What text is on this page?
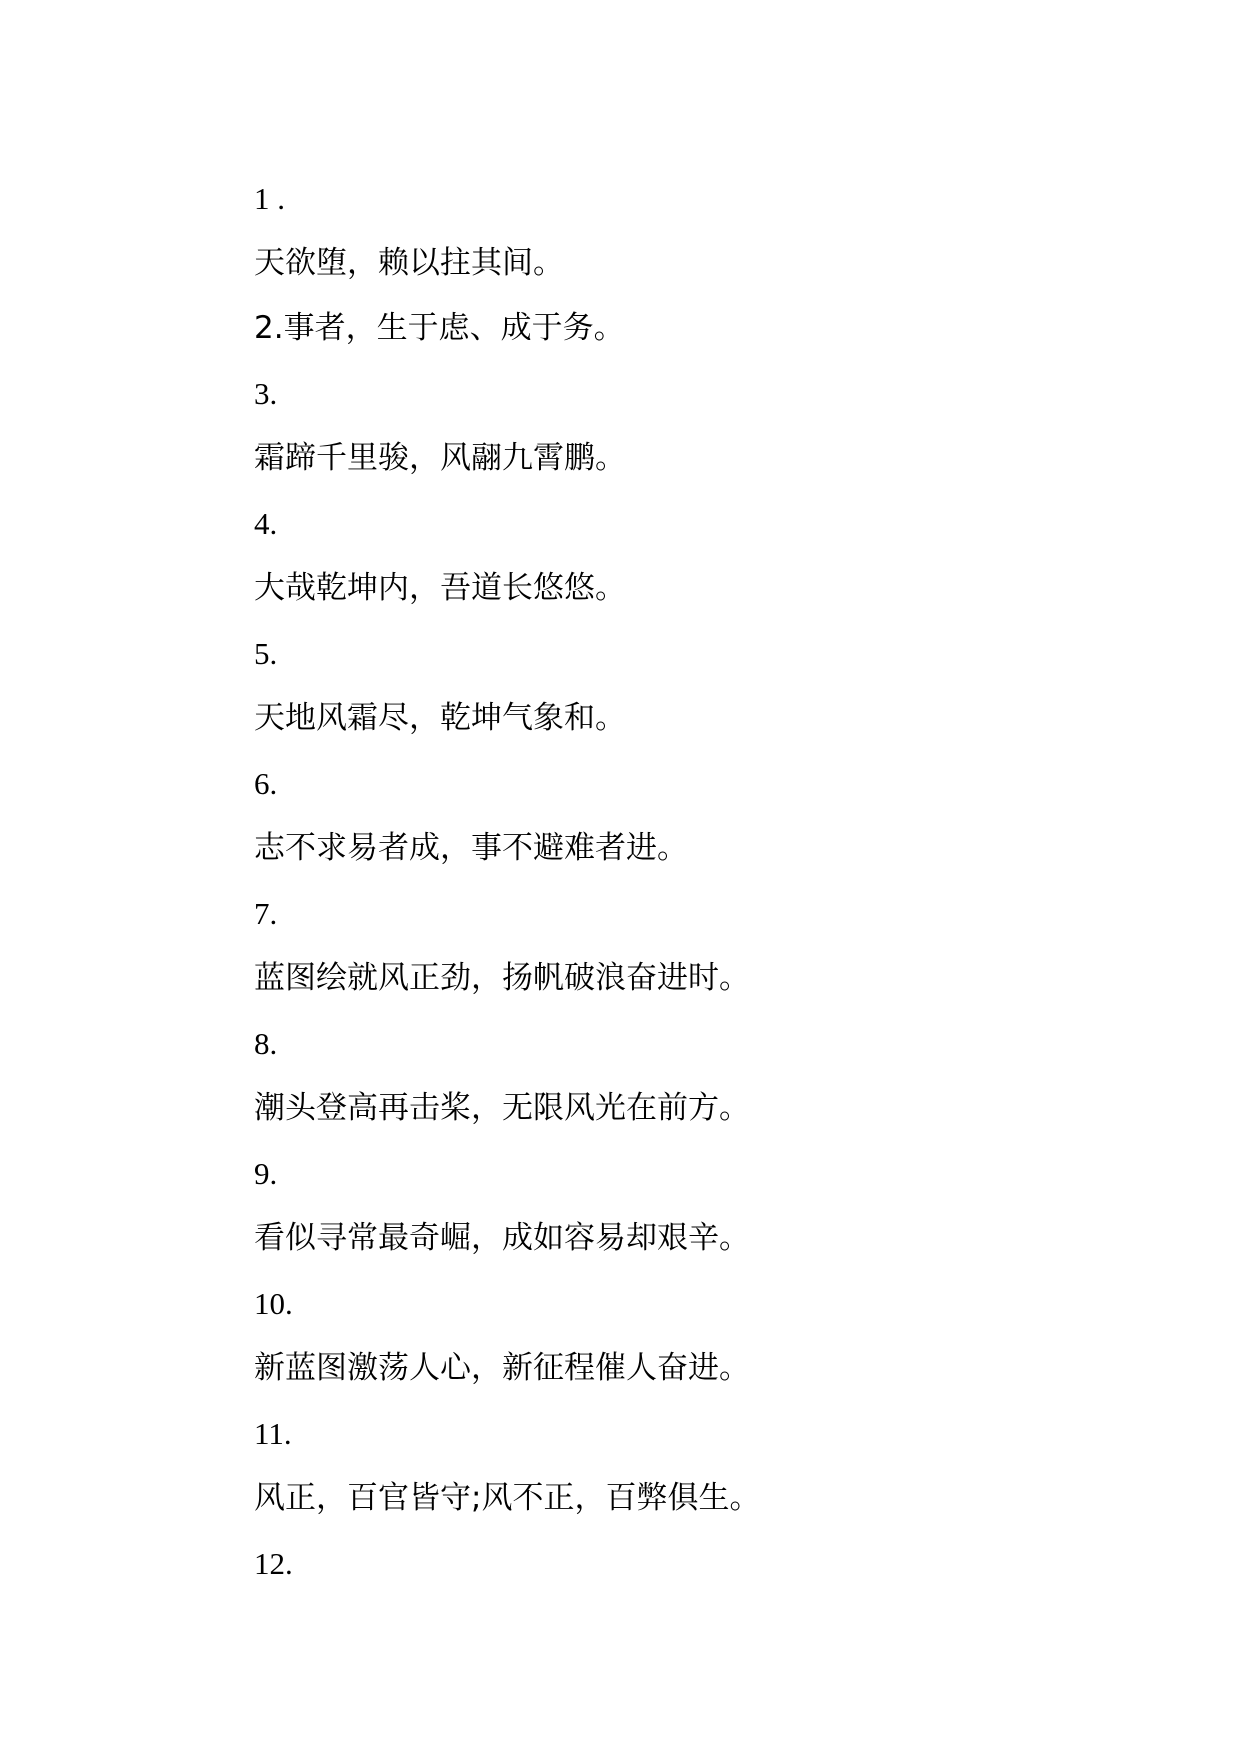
1 .
天欲堕，赖以拄其间。
2.事者，生于虑、成于务。
3.
霜蹄千里骏，风翮九霄鹏。
4.
大哉乾坤内，吾道长悠悠。
5.
天地风霜尽，乾坤气象和。
6.
志不求易者成，事不避难者进。
7.
蓝图绘就风正劲，扬帆破浪奋进时。
8.
潮头登高再击桨，无限风光在前方。
9.
看似寻常最奇崛，成如容易却艰辛。
10.
新蓝图激荡人心，新征程催人奋进。
11.
风正，百官皆守;风不正，百弊俱生。
12.
